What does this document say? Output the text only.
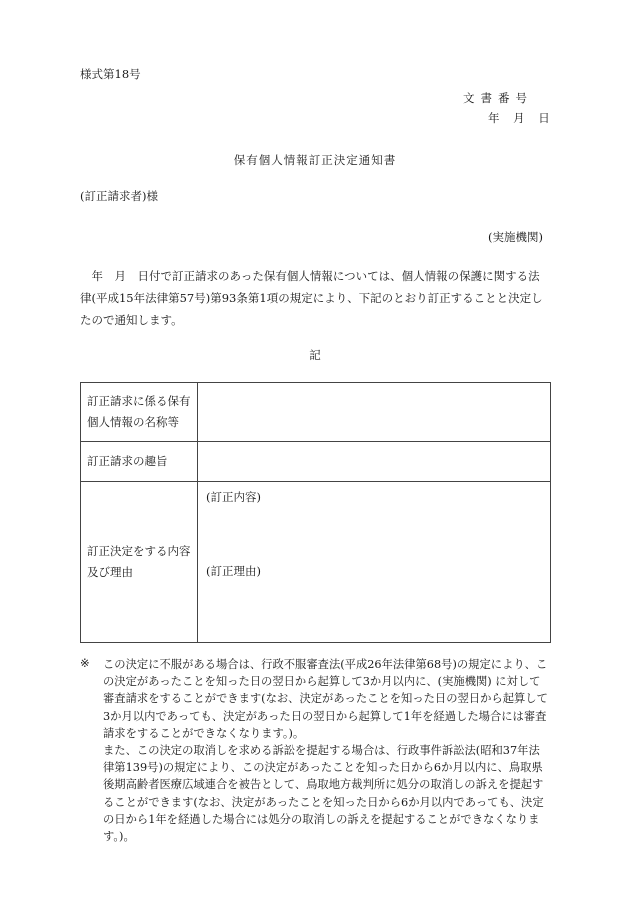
様式第18号
文書番号
年 月 日
保有個人情報訂正決定通知書
(訂正請求者)様
(実施機関)

　年　月　日付で訂正請求のあった保有個人情報については、個人情報の保護に関する法律(平成15年法律第57号)第93条第1項の規定により、下記のとおり訂正することと決定したので通知します。

記
訂正請求に係る保有個人情報の名称等	
訂正請求の趣旨	
訂正決定をする内容及び理由	(訂正内容)
(訂正理由)
※ この決定に不服がある場合は、行政不服審査法(平成26年法律第68号)の規定により、この決定があったことを知った日の翌日から起算して3か月以内に、(実施機関) に対して審査請求をすることができます(なお、決定があったことを知った日の翌日から起算して3か月以内であっても、決定があった日の翌日から起算して1年を経過した場合には審査請求をすることができなくなります。)。

また、この決定の取消しを求める訴訟を提起する場合は、行政事件訴訟法(昭和37年法律第139号)の規定により、この決定があったことを知った日から6か月以内に、鳥取県後期高齢者医療広域連合を被告として、鳥取地方裁判所に処分の取消しの訴えを提起することができます(なお、決定があったことを知った日から6か月以内であっても、決定の日から1年を経過した場合には処分の取消しの訴えを提起することができなくなります。)。
